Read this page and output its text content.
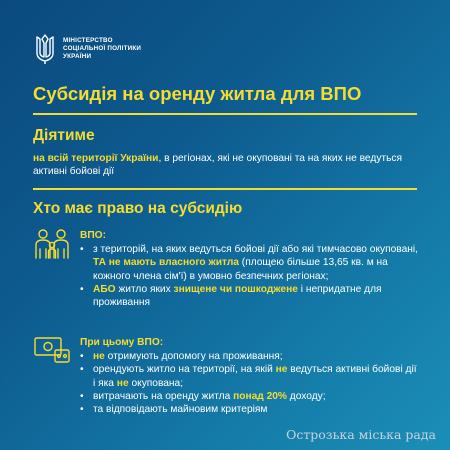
МІНІСТЕРСТВО
СОЦІАЛЬНОЇ ПОЛІТИКИ
УКРАЇНИ
Субсидія на оренду житла для ВПО
Діятиме
на всій території України, в регіонах, які не окуповані та на яких не ведуться активні бойові дії
Хто має право на субсидію
ВПО:
• з територій, на яких ведуться бойові дії або які тимчасово окуповані, ТА не мають власного житла (площею більше 13,65 кв. м на кожного члена сім'ї) в умовно безпечних регіонах;
• АБО житло яких знищене чи пошкоджене і непридатне для проживання
При цьому ВПО:
• не отримують допомогу на проживання;
• орендують житло на території, на якій не ведуться активні бойові дії і яка не окупована;
• витрачають на оренду житла понад 20% доходу;
• та відповідають майновим критеріям
Острозька міська рада
